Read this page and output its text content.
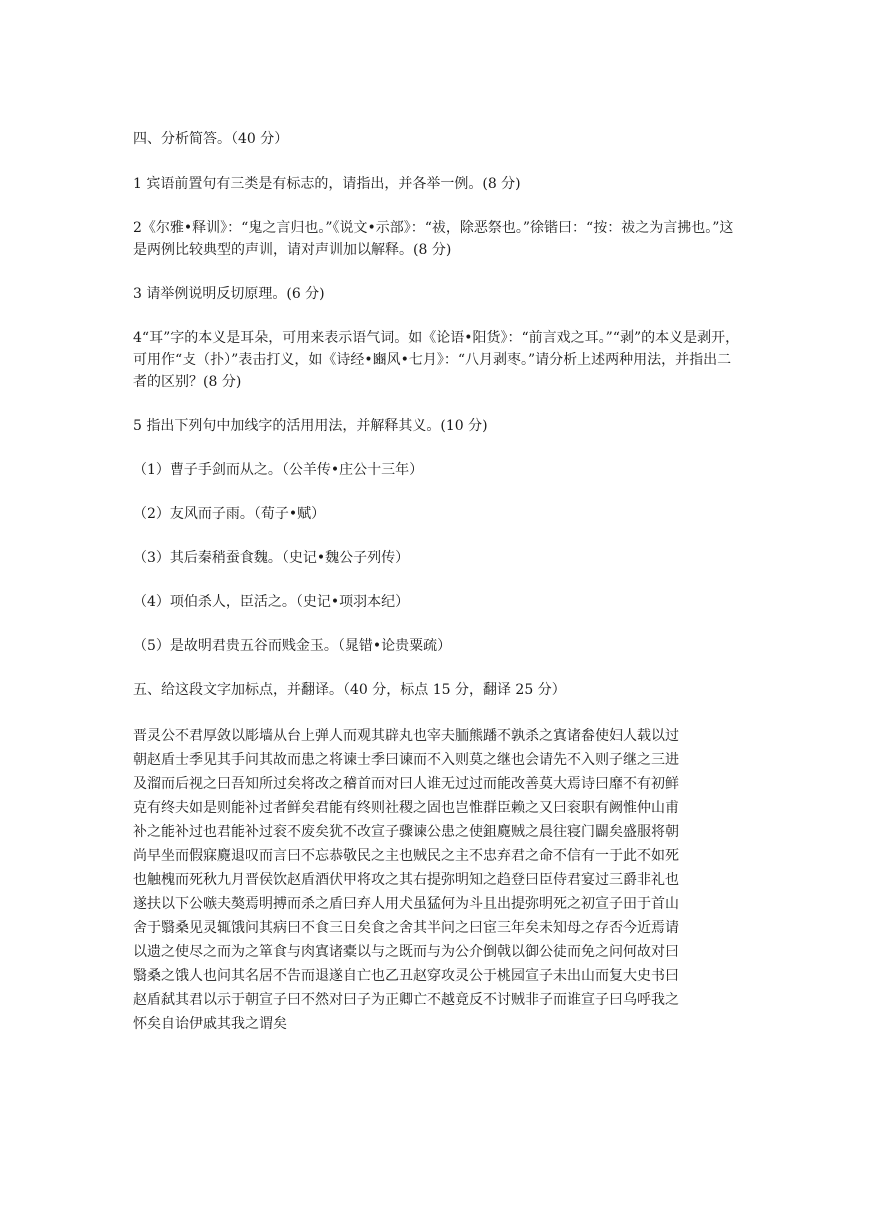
四、分析简答。（40 分）

1 宾语前置句有三类是有标志的，请指出，并各举一例。(8 分)

2《尔雅•释训》：“鬼之言归也。”《说文•示部》：“祓，除恶祭也。”徐锴曰：“按：祓之为言拂也。”这是两例比较典型的声训，请对声训加以解释。(8 分)

3 请举例说明反切原理。(6 分)

4“耳”字的本义是耳朵，可用来表示语气词。如《论语•阳货》：“前言戏之耳。”“剥”的本义是剥开，可用作“攴（扑）”表击打义，如《诗经•豳风•七月》：“八月剥枣。”请分析上述两种用法，并指出二者的区别？(8 分)

5 指出下列句中加线字的活用用法，并解释其义。(10 分)

（1）曹子手剑而从之。（公羊传•庄公十三年）

（2）友风而子雨。（荀子•赋）

（3）其后秦稍蚕食魏。（史记•魏公子列传）

（4）项伯杀人，臣活之。（史记•项羽本纪）

（5）是故明君贵五谷而贱金玉。（晁错•论贵粟疏）

五、给这段文字加标点，并翻译。（40 分，标点 15 分，翻译 25 分）

晋灵公不君厚敛以彫墙从台上弹人而观其辟丸也宰夫胹熊蹯不孰杀之寘诸畚使妇人载以过
朝赵盾士季见其手问其故而患之将谏士季曰谏而不入则莫之继也会请先不入则子继之三进
及溜而后视之曰吾知所过矣将改之稽首而对曰人谁无过过而能改善莫大焉诗曰靡不有初鲜
克有终夫如是则能补过者鲜矣君能有终则社稷之固也岂惟群臣赖之又曰衮职有阙惟仲山甫
补之能补过也君能补过衮不废矣犹不改宣子骤谏公患之使鉏麑贼之晨往寝门闢矣盛服将朝
尚早坐而假寐麑退叹而言曰不忘恭敬民之主也贼民之主不忠弃君之命不信有一于此不如死
也触槐而死秋九月晋侯饮赵盾酒伏甲将攻之其右提弥明知之趋登曰臣侍君宴过三爵非礼也
遂扶以下公嗾夫獒焉明搏而杀之盾曰弃人用犬虽猛何为斗且出提弥明死之初宣子田于首山
舍于翳桑见灵辄饿问其病曰不食三日矣食之舍其半问之曰宦三年矣未知母之存否今近焉请
以遗之使尽之而为之箪食与肉寘诸橐以与之既而与为公介倒戟以御公徒而免之问何故对曰
翳桑之饿人也问其名居不告而退遂自亡也乙丑赵穿攻灵公于桃园宣子未出山而复大史书曰
赵盾弑其君以示于朝宣子曰不然对曰子为正卿亡不越竟反不讨贼非子而谁宣子曰乌呼我之
怀矣自诒伊戚其我之谓矣
